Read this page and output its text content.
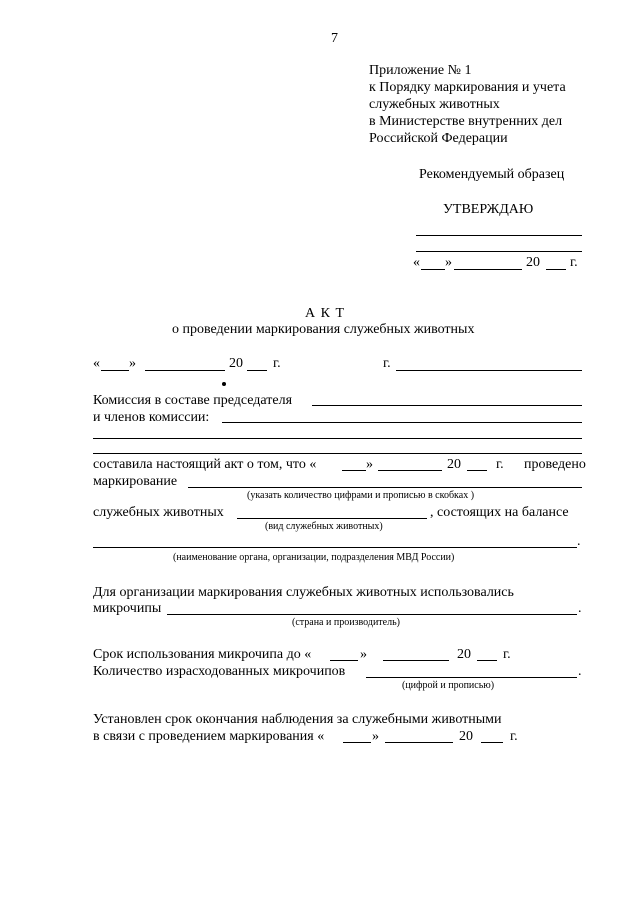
7
Приложение № 1
к Порядку маркирования и учета
служебных животных
в Министерстве внутренних дел
Российской Федерации
Рекомендуемый образец
УТВЕРЖДАЮ
« »	20 г.
А К Т
о проведении маркирования служебных животных
« »	20 г.	г.
Комиссия в составе председателя
и членов комиссии:
составила настоящий акт о том, что «	»	20	г. проведено
маркирование
(указать количество цифрами и прописью в скобках )
служебных животных	, состоящих на балансе
(вид служебных животных)
.
(наименование органа, организации, подразделения МВД России)
Для организации маркирования служебных животных использовались
микрочипы	.
(страна и производитель)
Срок использования микрочипа до «	»	20 г.
Количество израсходованных микрочипов	.
(цифрой и прописью)
Установлен срок окончания наблюдения за служебными животными
в связи с проведением маркирования «	»	20	г.
